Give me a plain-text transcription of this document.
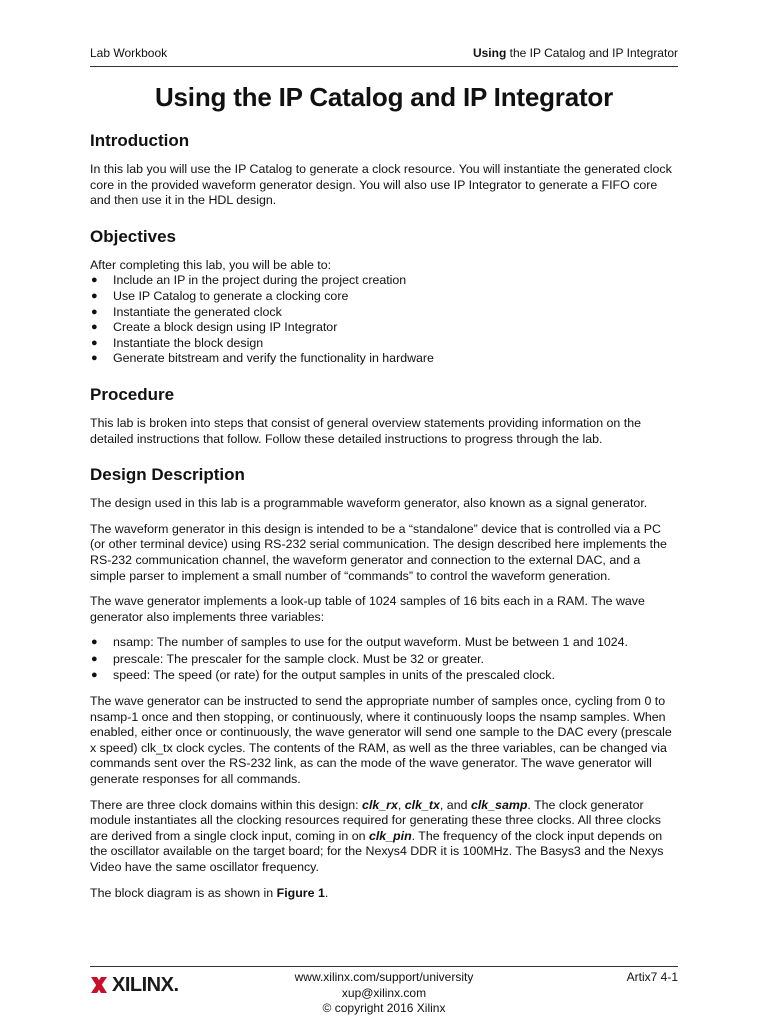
Lab Workbook	Using the IP Catalog and IP Integrator
Using the IP Catalog and IP Integrator
Introduction

In this lab you will use the IP Catalog to generate a clock resource. You will instantiate the generated clock core in the provided waveform generator design. You will also use IP Integrator to generate a FIFO core and then use it in the HDL design.

Objectives

After completing this lab, you will be able to:

● Include an IP in the project during the project creation
● Use IP Catalog to generate a clocking core
● Instantiate the generated clock
● Create a block design using IP Integrator
● Instantiate the block design
● Generate bitstream and verify the functionality in hardware
Procedure

This lab is broken into steps that consist of general overview statements providing information on the detailed instructions that follow. Follow these detailed instructions to progress through the lab.

Design Description

The design used in this lab is a programmable waveform generator, also known as a signal generator.

The waveform generator in this design is intended to be a “standalone” device that is controlled via a PC (or other terminal device) using RS-232 serial communication. The design described here implements the RS-232 communication channel, the waveform generator and connection to the external DAC, and a simple parser to implement a small number of “commands” to control the waveform generation.

The wave generator implements a look-up table of 1024 samples of 16 bits each in a RAM. The wave generator also implements three variables:

● nsamp: The number of samples to use for the output waveform. Must be between 1 and 1024.
● prescale: The prescaler for the sample clock. Must be 32 or greater.
● speed: The speed (or rate) for the output samples in units of the prescaled clock.

The wave generator can be instructed to send the appropriate number of samples once, cycling from 0 to nsamp-1 once and then stopping, or continuously, where it continuously loops the nsamp samples. When enabled, either once or continuously, the wave generator will send one sample to the DAC every (prescale x speed) clk_tx clock cycles. The contents of the RAM, as well as the three variables, can be changed via commands sent over the RS-232 link, as can the mode of the wave generator. The wave generator will generate responses for all commands.

There are three clock domains within this design: clk_rx, clk_tx, and clk_samp. The clock generator module instantiates all the clocking resources required for generating these three clocks. All three clocks are derived from a single clock input, coming in on clk_pin. The frequency of the clock input depends on the oscillator available on the target board; for the Nexys4 DDR it is 100MHz. The Basys3 and the Nexys Video have the same oscillator frequency.

The block diagram is as shown in Figure 1.

XILINX.	www.xilinx.com/support/university
xup@xilinx.com
© copyright 2016 Xilinx
Artix7 4-1
